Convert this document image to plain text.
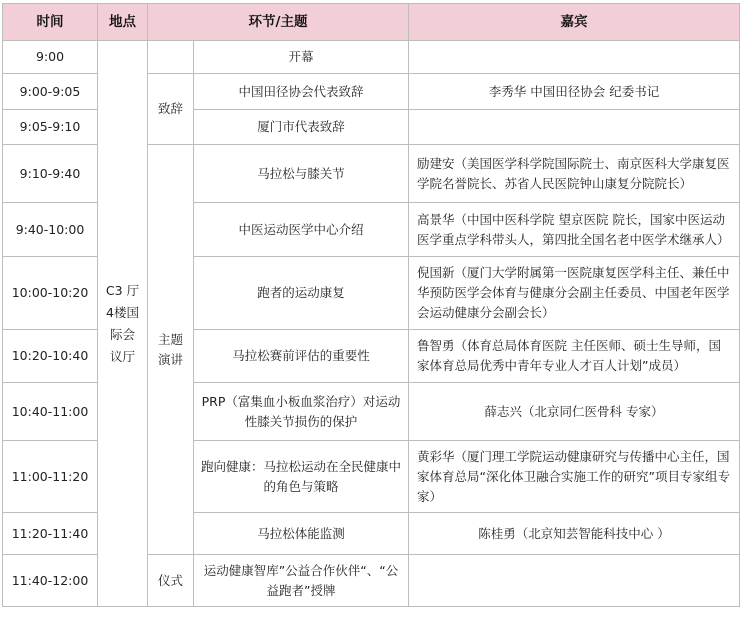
时间	地点	环节/主题		嘉宾
9:00	C3 厅4楼国际会议厅		开幕	
9:00-9:05		致辞	中国田径协会代表致辞	李秀华 中国田径协会 纪委书记
9:05-9:10			厦门市代表致辞	
9:10-9:40		主题演讲	马拉松与膝关节	励建安（美国医学科学院国际院士、南京医科大学康复医学院名誉院长、苏省人民医院钟山康复分院院长）
9:40-10:00			中医运动医学中心介绍	高景华（中国中医科学院 望京医院 院长，国家中医运动医学重点学科带头人，第四批全国名老中医学术继承人）
10:00-10:20			跑者的运动康复	倪国新（厦门大学附属第一医院康复医学科主任、兼任中华预防医学会体育与健康分会副主任委员、中国老年医学会运动健康分会副会长）
10:20-10:40			马拉松赛前评估的重要性	鲁智勇（体育总局体育医院 主任医师、硕士生导师，国家体育总局优秀中青年专业人才百人计划”成员）
10:40-11:00			PRP（富集血小板血浆治疗）对运动性膝关节损伤的保护	薛志兴（北京同仁医骨科 专家）
11:00-11:20			跑向健康：马拉松运动在全民健康中的角色与策略	黄彩华（厦门理工学院运动健康研究与传播中心主任，国家体育总局“深化体卫融合实施工作的研究”项目专家组专家）
11:20-11:40			马拉松体能监测	陈桂勇（北京知芸智能科技中心 ）
11:40-12:00		仪式	运动健康智库”公益合作伙伴“、“公益跑者”授牌	
